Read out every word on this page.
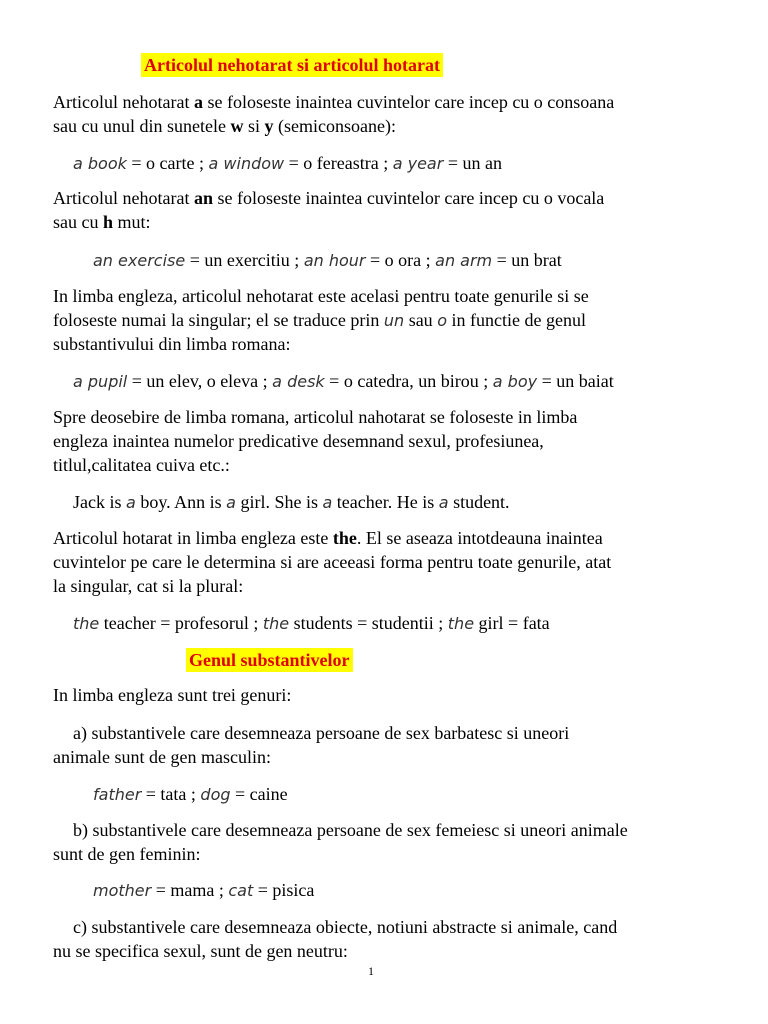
Articolul nehotarat si articolul hotarat
Articolul nehotarat a se foloseste inaintea cuvintelor care incep cu o consoana
sau cu unul din sunetele w si y (semiconsoane):
a book = o carte ; a window = o fereastra ; a year = un an
Articolul nehotarat an se foloseste inaintea cuvintelor care incep cu o vocala
sau cu h mut:
an exercise = un exercitiu ; an hour = o ora ; an arm = un brat
In limba engleza, articolul nehotarat este acelasi pentru toate genurile si se
foloseste numai la singular; el se traduce prin un sau o in functie de genul
substantivului din limba romana:
a pupil = un elev, o eleva ; a desk = o catedra, un birou ; a boy = un baiat
Spre deosebire de limba romana, articolul nahotarat se foloseste in limba
engleza inaintea numelor predicative desemnand sexul, profesiunea,
titlul,calitatea cuiva etc.:
Jack is a boy. Ann is a girl. She is a teacher. He is a student.
Articolul hotarat in limba engleza este the. El se aseaza intotdeauna inaintea
cuvintelor pe care le determina si are aceeasi forma pentru toate genurile, atat
la singular, cat si la plural:
the teacher = profesorul ; the students = studentii ; the girl = fata
Genul substantivelor
In limba engleza sunt trei genuri:
a) substantivele care desemneaza persoane de sex barbatesc si uneori
animale sunt de gen masculin:
father = tata ; dog = caine
b) substantivele care desemneaza persoane de sex femeiesc si uneori animale
sunt de gen feminin:
mother = mama ; cat = pisica
c) substantivele care desemneaza obiecte, notiuni abstracte si animale, cand
nu se specifica sexul, sunt de gen neutru:
1
